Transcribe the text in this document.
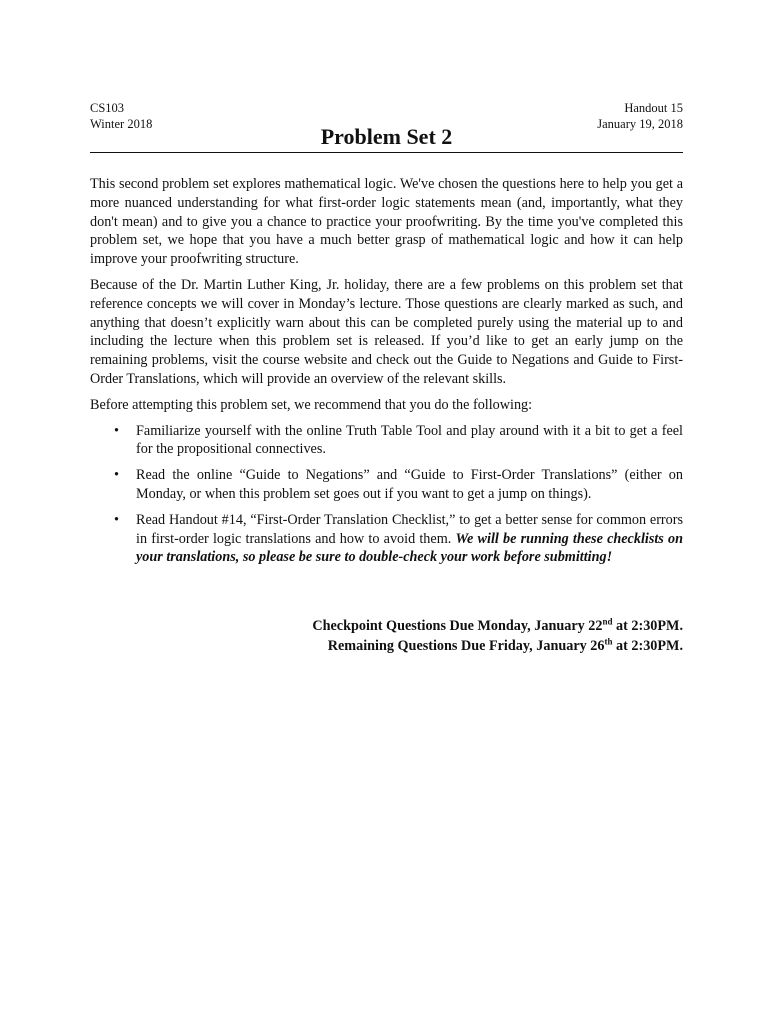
CS103
Winter 2018
Handout 15
January 19, 2018
Problem Set 2

This second problem set explores mathematical logic. We've chosen the questions here to help you get a more nuanced understanding for what first-order logic statements mean (and, importantly, what they don't mean) and to give you a chance to practice your proofwriting. By the time you've completed this problem set, we hope that you have a much better grasp of mathematical logic and how it can help improve your proofwriting structure.

Because of the Dr. Martin Luther King, Jr. holiday, there are a few problems on this problem set that reference concepts we will cover in Monday’s lecture. Those questions are clearly marked as such, and anything that doesn’t explicitly warn about this can be completed purely using the material up to and including the lecture when this problem set is released. If you’d like to get an early jump on the remaining problems, visit the course website and check out the Guide to Negations and Guide to First-Order Translations, which will provide an overview of the relevant skills.

Before attempting this problem set, we recommend that you do the following:

• Familiarize yourself with the online Truth Table Tool and play around with it a bit to get a feel for the propositional connectives.
• Read the online “Guide to Negations” and “Guide to First-Order Translations” (either on Monday, or when this problem set goes out if you want to get a jump on things).
• Read Handout #14, “First-Order Translation Checklist,” to get a better sense for common errors in first-order logic translations and how to avoid them. We will be running these checklists on your translations, so please be sure to double-check your work before submitting!
Checkpoint Questions Due Monday, January 22nd at 2:30PM.
Remaining Questions Due Friday, January 26th at 2:30PM.
